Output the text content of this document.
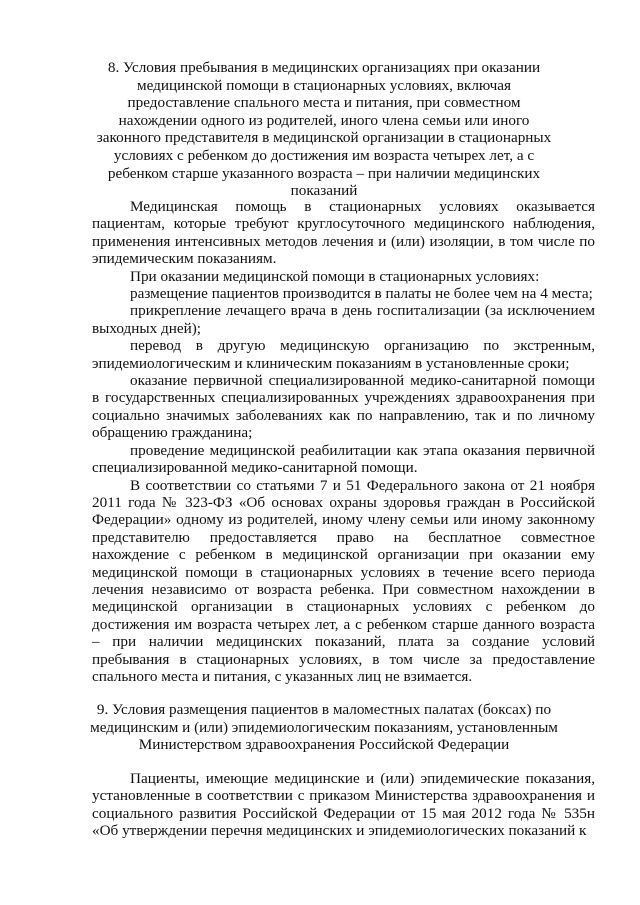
8. Условия пребывания в медицинских организациях при оказании медицинской помощи в стационарных условиях, включая предоставление спального места и питания, при совместном нахождении одного из родителей, иного члена семьи или иного законного представителя в медицинской организации в стационарных условиях с ребенком до достижения им возраста четырех лет, а с ребенком старше указанного возраста – при наличии медицинских показаний

Медицинская помощь в стационарных условиях оказывается пациентам, которые требуют круглосуточного медицинского наблюдения, применения интенсивных методов лечения и (или) изоляции, в том числе по эпидемическим показаниям.

При оказании медицинской помощи в стационарных условиях:

размещение пациентов производится в палаты не более чем на 4 места;

прикрепление лечащего врача в день госпитализации (за исключением выходных дней);

перевод в другую медицинскую организацию по экстренным, эпидемиологическим и клиническим показаниям в установленные сроки;

оказание первичной специализированной медико-санитарной помощи в государственных специализированных учреждениях здравоохранения при социально значимых заболеваниях как по направлению, так и по личному обращению гражданина;

проведение медицинской реабилитации как этапа оказания первичной специализированной медико-санитарной помощи.

В соответствии со статьями 7 и 51 Федерального закона от 21 ноября 2011 года № 323-ФЗ «Об основах охраны здоровья граждан в Российской Федерации» одному из родителей, иному члену семьи или иному законному представителю предоставляется право на бесплатное совместное нахождение с ребенком в медицинской организации при оказании ему медицинской помощи в стационарных условиях в течение всего периода лечения независимо от возраста ребенка. При совместном нахождении в медицинской организации в стационарных условиях с ребенком до достижения им возраста четырех лет, а с ребенком старше данного возраста – при наличии медицинских показаний, плата за создание условий пребывания в стационарных условиях, в том числе за предоставление спального места и питания, с указанных лиц не взимается.

9. Условия размещения пациентов в маломестных палатах (боксах) по медицинским и (или) эпидемиологическим показаниям, установленным Министерством здравоохранения Российской Федерации

Пациенты, имеющие медицинские и (или) эпидемические показания, установленные в соответствии с приказом Министерства здравоохранения и социального развития Российской Федерации от 15 мая 2012 года № 535н «Об утверждении перечня медицинских и эпидемиологических показаний к
